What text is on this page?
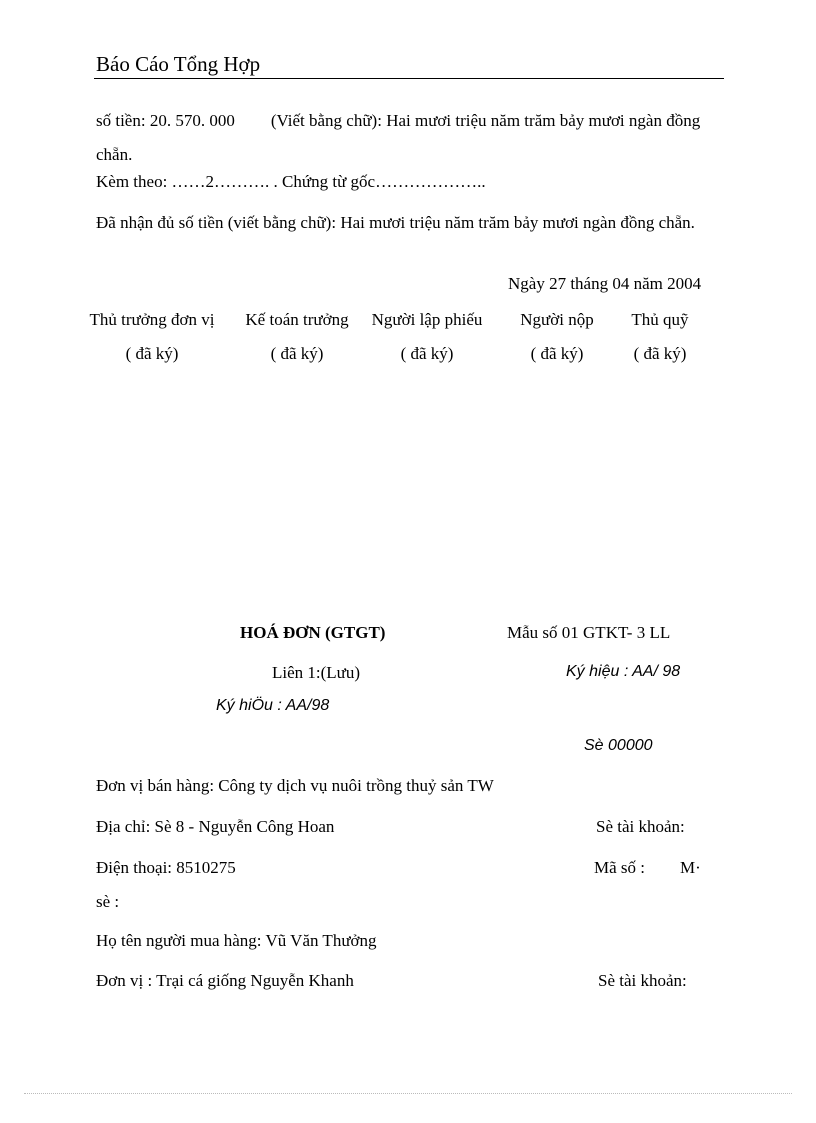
Báo Cáo Tổng Hợp
số tiền: 20. 570. 000 (Viết bằng chữ): Hai mươi triệu năm trăm bảy mươi ngàn đồng chẵn.
Kèm theo: ……2………. . Chứng từ gốc………………..
Đã nhận đủ số tiền (viết bằng chữ): Hai mươi triệu năm trăm bảy mươi ngàn đồng chẵn.
Ngày 27 tháng 04 năm 2004
Thủ trưởng đơn vị	Kế toán trưởng	Người lập phiếu	Người nộp	Thủ quỹ
( đã ký)	( đã ký)	( đã ký)	( đã ký)	( đã ký)
HOÁ ĐƠN (GTGT)	Mẫu số 01 GTKT- 3 LL
Liên 1:(Lưu)	Ký hiệu : AA/ 98
Ký hiÖu : AA/98
Sè 00000
Đơn vị bán hàng: Công ty dịch vụ nuôi trồng thuỷ sản TW
Địa chỉ: Sè 8 - Nguyễn Công Hoan	Sè tài khoản:
Điện thoại: 8510275	Mã số : M·
sè :
Họ tên người mua hàng: Vũ Văn Thưởng
Đơn vị : Trại cá giống Nguyễn Khanh	Sè tài khoản:
